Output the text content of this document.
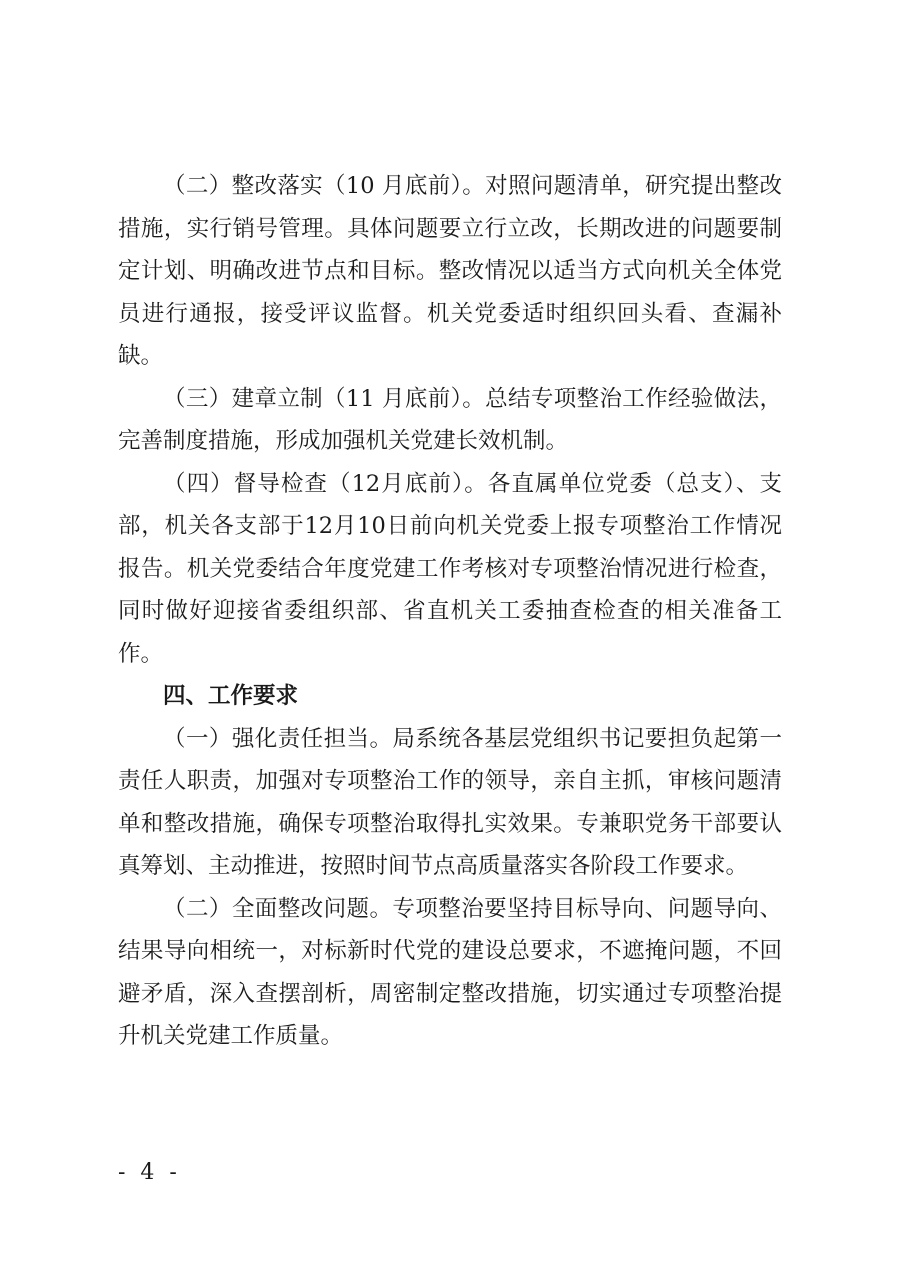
（二）整改落实（10 月底前）。对照问题清单，研究提出整改措施，实行销号管理。具体问题要立行立改，长期改进的问题要制定计划、明确改进节点和目标。整改情况以适当方式向机关全体党员进行通报，接受评议监督。机关党委适时组织回头看、查漏补缺。

（三）建章立制（11 月底前）。总结专项整治工作经验做法，完善制度措施，形成加强机关党建长效机制。

（四）督导检查（12月底前）。各直属单位党委（总支）、支部，机关各支部于12月10日前向机关党委上报专项整治工作情况报告。机关党委结合年度党建工作考核对专项整治情况进行检查，同时做好迎接省委组织部、省直机关工委抽查检查的相关准备工作。

四、工作要求

（一）强化责任担当。局系统各基层党组织书记要担负起第一责任人职责，加强对专项整治工作的领导，亲自主抓，审核问题清单和整改措施，确保专项整治取得扎实效果。专兼职党务干部要认真筹划、主动推进，按照时间节点高质量落实各阶段工作要求。

（二）全面整改问题。专项整治要坚持目标导向、问题导向、结果导向相统一，对标新时代党的建设总要求，不遮掩问题，不回避矛盾，深入查摆剖析，周密制定整改措施，切实通过专项整治提升机关党建工作质量。

- 4 -
